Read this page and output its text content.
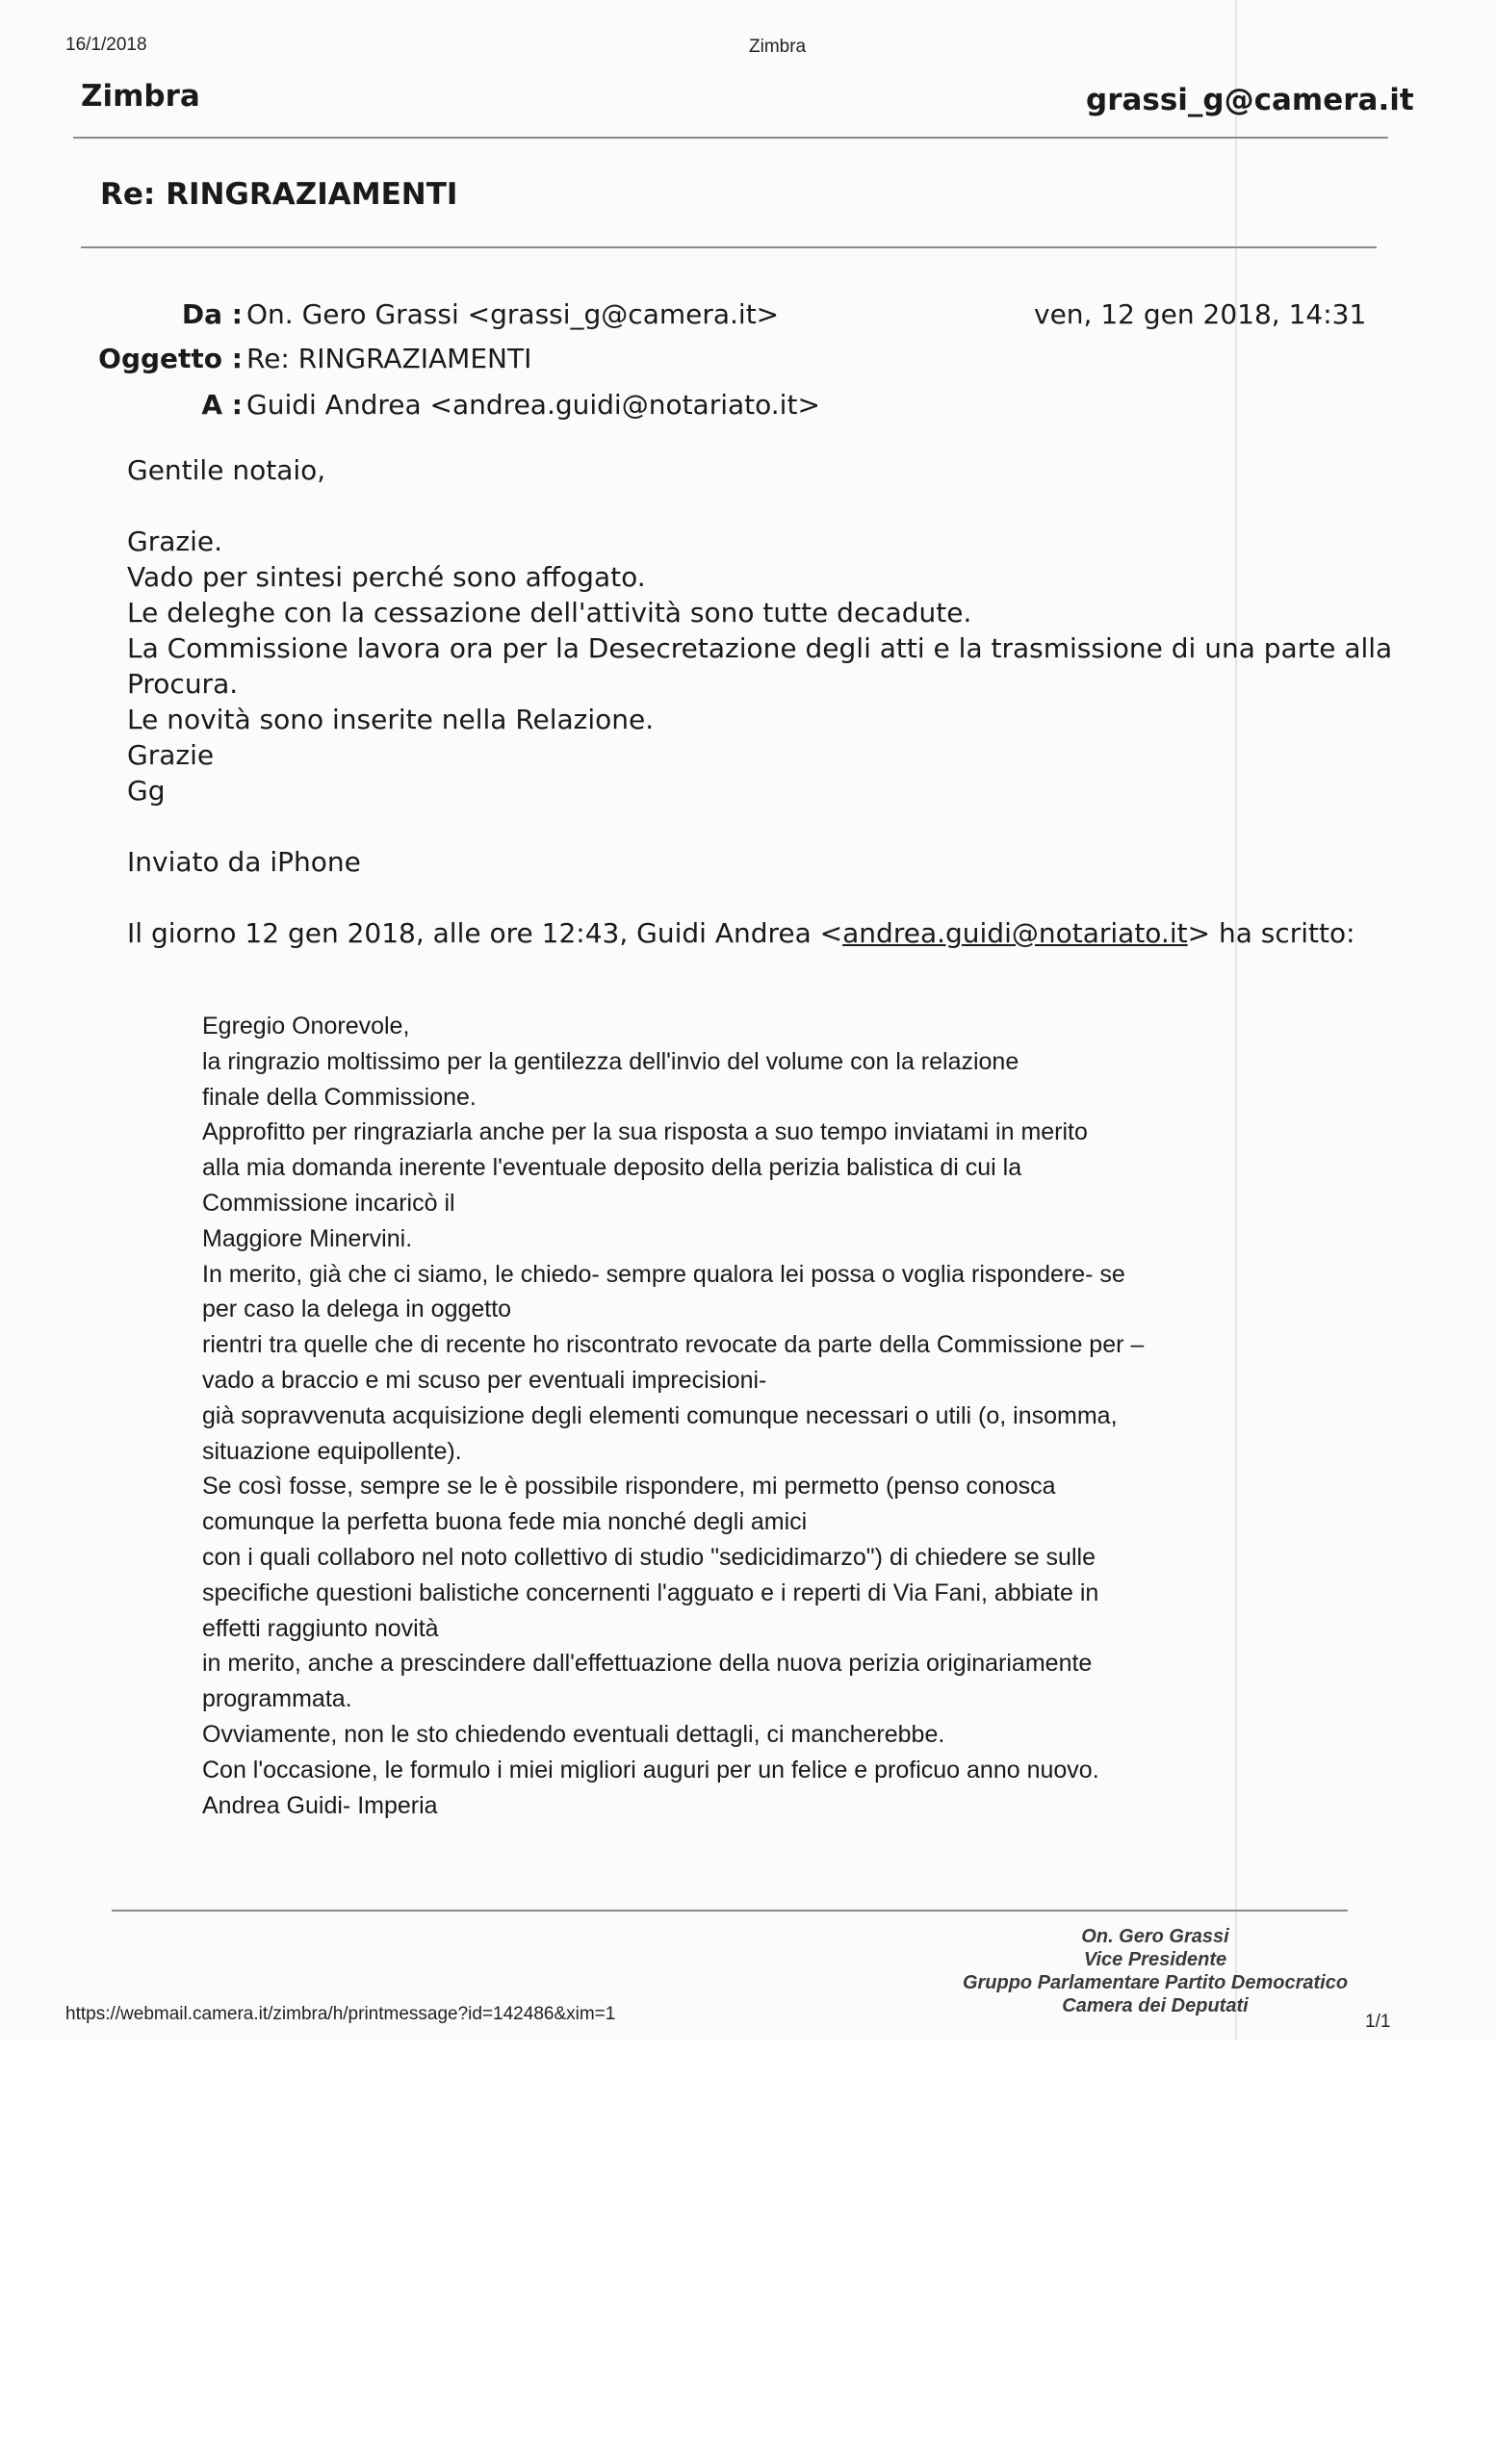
16/1/2018	Zimbra
Zimbra	grassi_g@camera.it
Re: RINGRAZIAMENTI
Da : On. Gero Grassi <grassi_g@camera.it>	ven, 12 gen 2018, 14:31
Oggetto : Re: RINGRAZIAMENTI
A : Guidi Andrea <andrea.guidi@notariato.it>

Gentile notaio,

Grazie.

Vado per sintesi perché sono affogato.

Le deleghe con la cessazione dell'attività sono tutte decadute.

La Commissione lavora ora per la Desecretazione degli atti e la trasmissione di una parte alla

Procura.

Le novità sono inserite nella Relazione.

Grazie

Gg

Inviato da iPhone

Il giorno 12 gen 2018, alle ore 12:43, Guidi Andrea <andrea.guidi@notariato.it> ha scritto:

Egregio Onorevole,

la ringrazio moltissimo per la gentilezza dell'invio del volume con la relazione

finale della Commissione.

Approfitto per ringraziarla anche per la sua risposta a suo tempo inviatami in merito

alla mia domanda inerente l'eventuale deposito della perizia balistica di cui la

Commissione incaricò il

Maggiore Minervini.

In merito, già che ci siamo, le chiedo- sempre qualora lei possa o voglia rispondere- se

per caso la delega in oggetto

rientri tra quelle che di recente ho riscontrato revocate da parte della Commissione per –

vado a braccio e mi scuso per eventuali imprecisioni-

già sopravvenuta acquisizione degli elementi comunque necessari o utili (o, insomma,

situazione equipollente).

Se così fosse, sempre se le è possibile rispondere, mi permetto (penso conosca

comunque la perfetta buona fede mia nonché degli amici

con i quali collaboro nel noto collettivo di studio "sedicidimarzo") di chiedere se sulle

specifiche questioni balistiche concernenti l'agguato e i reperti di Via Fani, abbiate in

effetti raggiunto novità

in merito, anche a prescindere dall'effettuazione della nuova perizia originariamente

programmata.

Ovviamente, non le sto chiedendo eventuali dettagli, ci mancherebbe.

Con l'occasione, le formulo i miei migliori auguri per un felice e proficuo anno nuovo.

Andrea Guidi- Imperia

On. Gero Grassi
Vice Presidente
Gruppo Parlamentare Partito Democratico
Camera dei Deputati
https://webmail.camera.it/zimbra/h/printmessage?id=142486&xim=1	1/1
